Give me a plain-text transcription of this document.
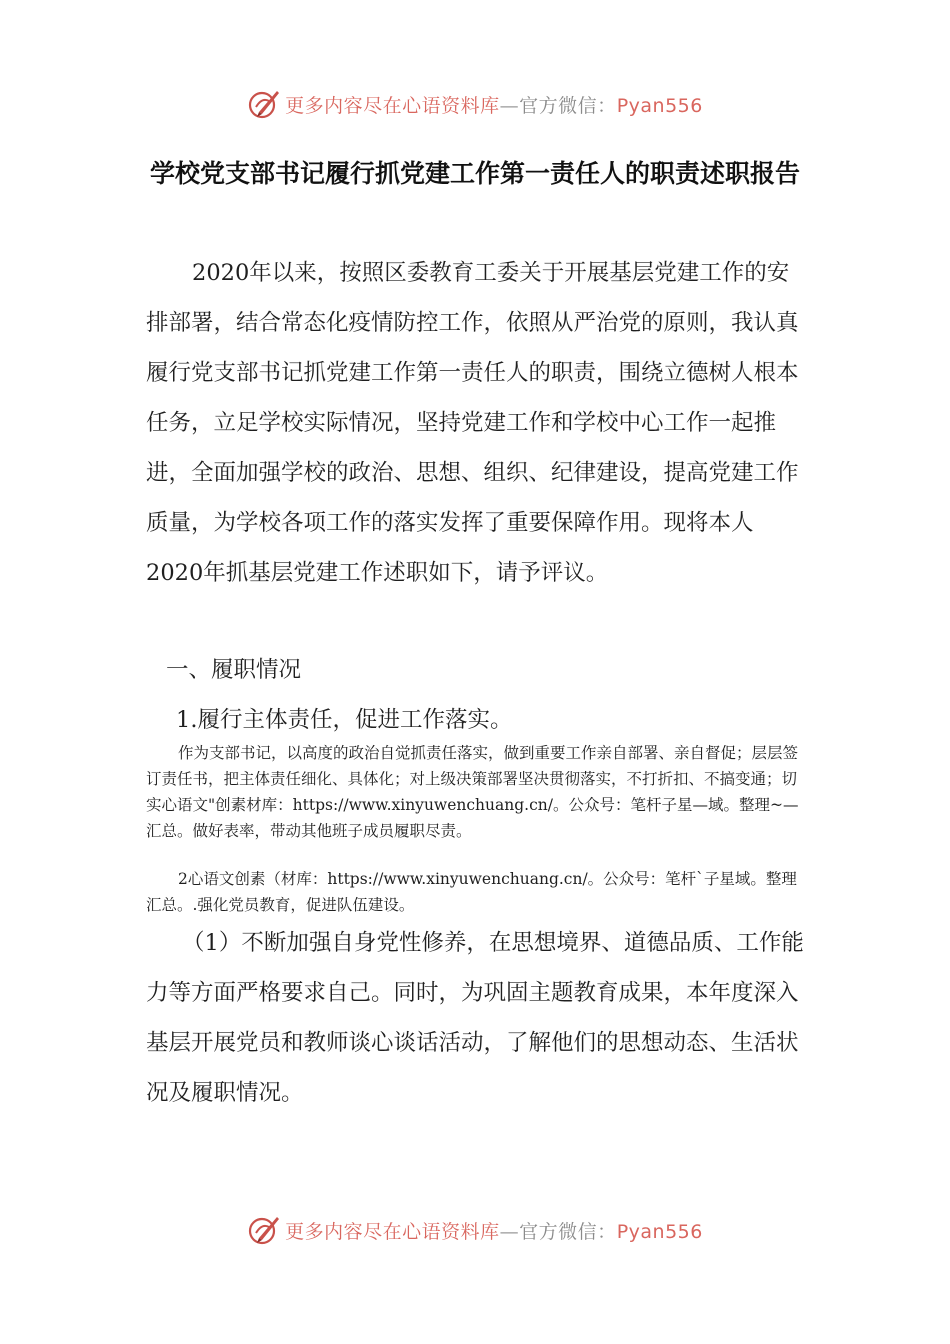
更多内容尽在心语资料库—官方微信：Pyan556
学校党支部书记履行抓党建工作第一责任人的职责述职报告

2020年以来，按照区委教育工委关于开展基层党建工作的安排部署，结合常态化疫情防控工作，依照从严治党的原则，我认真履行党支部书记抓党建工作第一责任人的职责，围绕立德树人根本任务，立足学校实际情况，坚持党建工作和学校中心工作一起推进，全面加强学校的政治、思想、组织、纪律建设，提高党建工作质量，为学校各项工作的落实发挥了重要保障作用。现将本人2020年抓基层党建工作述职如下，请予评议。

一、履职情况

1.履行主体责任，促进工作落实。

作为支部书记，以高度的政治自觉抓责任落实，做到重要工作亲自部署、亲自督促；层层签订责任书，把主体责任细化、具体化；对上级决策部署坚决贯彻落实，不打折扣、不搞变通；切实心语文"创素材库：https://www.xinyuwenchuang.cn/。公众号：笔杆子星—域。整理~—汇总。做好表率，带动其他班子成员履职尽责。

2心语文创素（材库：https://www.xinyuwenchuang.cn/。公众号：笔杆`子星域。整理汇总。.强化党员教育，促进队伍建设。

（1）不断加强自身党性修养，在思想境界、道德品质、工作能力等方面严格要求自己。同时，为巩固主题教育成果，本年度深入基层开展党员和教师谈心谈话活动，了解他们的思想动态、生活状况及履职情况。

更多内容尽在心语资料库—官方微信：Pyan556
